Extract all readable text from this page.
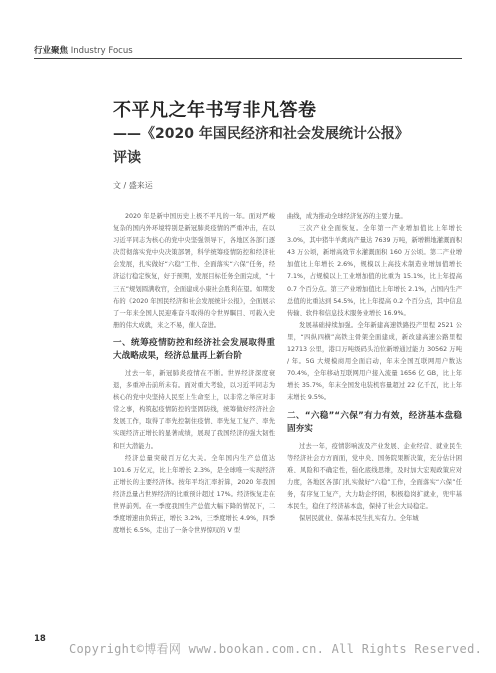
行业聚焦 Industry Focus
不平凡之年书写非凡答卷
——《2020 年国民经济和社会发展统计公报》
评读
文 / 盛来运

2020 年是新中国历史上极不平凡的一年。面对严峻复杂的国内外环境特别是新冠肺炎疫情的严重冲击，在以习近平同志为核心的党中央坚强领导下，各地区各部门逐决贯彻落实党中央决策部署，科学统筹疫情防控和经济社会发展，扎实做好“六稳”工作、全面落实“六保”任务，经济运行稳定恢复，好于预期，发展目标任务全面完成，“十三五”规划圆满收官，全面建成小康社会胜利在望。如期发布的《2020 年国民经济和社会发展统计公报》，全面展示了一年来全国人民迎难奋斗取得的令世界瞩目、可载入史册的伟大成就，来之不易，催人奋进。

一、统筹疫情防控和经济社会发展取得重大战略成果，经济总量再上新台阶

过去一年，新冠肺炎疫情在不断。世界经济深度衰退，多重冲击前所未有。面对重大考验，以习近平同志为核心的党中央坚持人民至上生命至上，以非常之举应对非常之事，构筑起疫情防控的坚固防线，统筹做好经济社会发展工作，取得了率先控制住疫情、率先复工复产、率先实现经济正增长的显著成绩，展现了我国经济的强大韧性和巨大潜能力。

经济总量突破百万亿大关。全年国内生产总值达 101.6 万亿元，比上年增长 2.3%，是全球唯一实现经济正增长的主要经济体。按年平均汇率折算，2020 年我国经济总量占世界经济的比重预计超过 17%。经济恢复走在世界前列。在一季度我国生产总值大幅下降的情况下，二季度增速由负转正，增长 3.2%，三季度增长 4.9%，四季度增长 6.5%，走出了一条令世界惊叹的 V 型

曲线，成为推动全球经济复苏的主要力量。

三次产业全面恢复。全年第一产业增加值比上年增长 3.0%，其中猪牛羊禽肉产量达 7639 万吨，新增耕地灌溉面积 43 万公顷，新增高效节水灌溉面积 160 万公顷。第二产业增加值比上年增长 2.6%，规模以上高技术制造业增加值增长 7.1%，占规模以上工业增加值的比重为 15.1%，比上年提高 0.7 个百分点。第三产业增加值比上年增长 2.1%，占国内生产总值的比重达到 54.5%，比上年提高 0.2 个百分点，其中信息传输、软件和信息技术服务业增长 16.9%。

发展基础持续加强。全年新建高速铁路投产里程 2521 公里，“四纵四横”高铁主骨架全面建成，新改建高速公路里程 12713 公里，港口万吨级码头泊位新增通过能力 30562 万吨 / 年。5G 大规模商用全面启动，年末全国互联网用户数达 70.4%，全年移动互联网用户接入流量 1656 亿 GB，比上年增长 35.7%，年末全国发电装机容量超过 22 亿千瓦，比上年末增长 9.5%。

二、“六稳”“六保”有力有效，经济基本盘稳固夯实

过去一年，疫情影响波及产业发展、企业经营、就业民生等经济社会方方面面，党中央、国务院果断决策，充分估计困难、风险和不确定性，强化底线思维，及时加大宏观政策应对力度，各地区各部门扎实做好“六稳”工作，全面落实“六保”任务，有序复工复产，大力助企纾困，积极稳岗扩就业，兜牢基本民生，稳住了经济基本盘，保持了社会大局稳定。

保居民就业、保基本民生扎实有力。全年城

18
Copyright©博看网 www.bookan.com.cn. All Rights Reserved.
